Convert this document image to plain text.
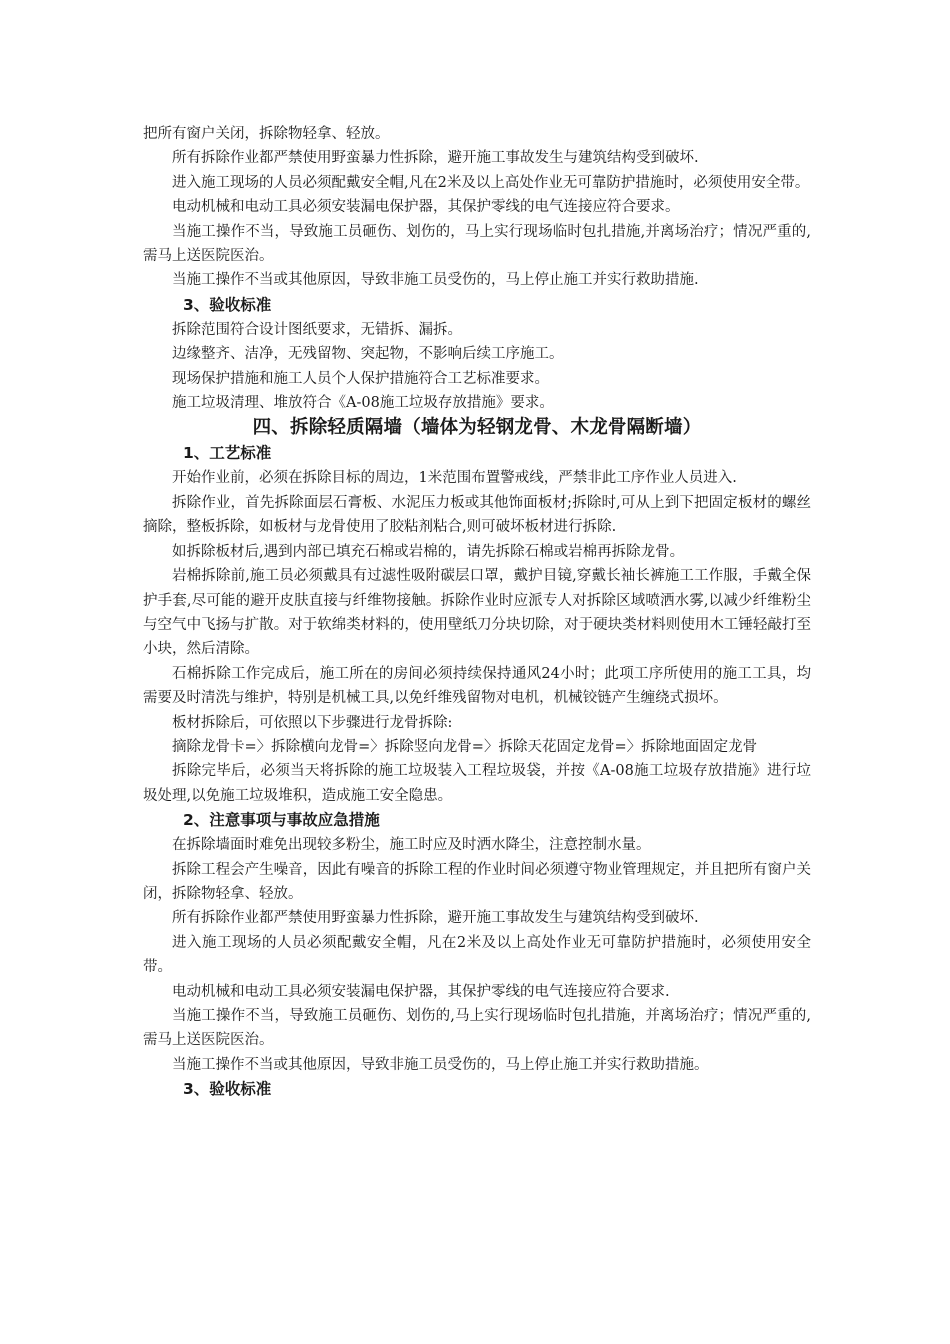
把所有窗户关闭，拆除物轻拿、轻放。

所有拆除作业都严禁使用野蛮暴力性拆除，避开施工事故发生与建筑结构受到破坏.

进入施工现场的人员必须配戴安全帽,凡在2米及以上高处作业无可靠防护措施时，必须使用安全带。

电动机械和电动工具必须安装漏电保护器，其保护零线的电气连接应符合要求。

当施工操作不当，导致施工员砸伤、划伤的，马上实行现场临时包扎措施,并离场治疗；情况严重的,需马上送医院医治。

当施工操作不当或其他原因，导致非施工员受伤的，马上停止施工并实行救助措施.

3、验收标准

拆除范围符合设计图纸要求，无错拆、漏拆。

边缘整齐、洁净，无残留物、突起物，不影响后续工序施工。

现场保护措施和施工人员个人保护措施符合工艺标准要求。

施工垃圾清理、堆放符合《A-08施工垃圾存放措施》要求。

四、拆除轻质隔墙（墙体为轻钢龙骨、木龙骨隔断墙）

1、工艺标准

开始作业前，必须在拆除目标的周边，1米范围布置警戒线，严禁非此工序作业人员进入.

拆除作业，首先拆除面层石膏板、水泥压力板或其他饰面板材;拆除时,可从上到下把固定板材的螺丝摘除，整板拆除，如板材与龙骨使用了胶粘剂粘合,则可破坏板材进行拆除.

如拆除板材后,遇到内部已填充石棉或岩棉的，请先拆除石棉或岩棉再拆除龙骨。

岩棉拆除前,施工员必须戴具有过滤性吸附碳层口罩，戴护目镜,穿戴长袖长裤施工工作服，手戴全保护手套,尽可能的避开皮肤直接与纤维物接触。拆除作业时应派专人对拆除区域喷洒水雾,以减少纤维粉尘与空气中飞扬与扩散。对于软绵类材料的，使用壁纸刀分块切除，对于硬块类材料则使用木工锤轻敲打至小块，然后清除。

石棉拆除工作完成后，施工所在的房间必须持续保持通风24小时；此项工序所使用的施工工具，均需要及时清洗与维护，特别是机械工具,以免纤维残留物对电机，机械铰链产生缠绕式损坏。

板材拆除后，可依照以下步骤进行龙骨拆除:

摘除龙骨卡=〉拆除横向龙骨=〉拆除竖向龙骨=〉拆除天花固定龙骨=〉拆除地面固定龙骨

拆除完毕后，必须当天将拆除的施工垃圾装入工程垃圾袋，并按《A-08施工垃圾存放措施》进行垃圾处理,以免施工垃圾堆积，造成施工安全隐患。

2、注意事项与事故应急措施

在拆除墙面时难免出现较多粉尘，施工时应及时洒水降尘，注意控制水量。

拆除工程会产生噪音，因此有噪音的拆除工程的作业时间必须遵守物业管理规定，并且把所有窗户关闭，拆除物轻拿、轻放。

所有拆除作业都严禁使用野蛮暴力性拆除，避开施工事故发生与建筑结构受到破坏.

进入施工现场的人员必须配戴安全帽，凡在2米及以上高处作业无可靠防护措施时，必须使用安全带。

电动机械和电动工具必须安装漏电保护器，其保护零线的电气连接应符合要求.

当施工操作不当，导致施工员砸伤、划伤的,马上实行现场临时包扎措施，并离场治疗；情况严重的,需马上送医院医治。

当施工操作不当或其他原因，导致非施工员受伤的，马上停止施工并实行救助措施。

3、验收标准
